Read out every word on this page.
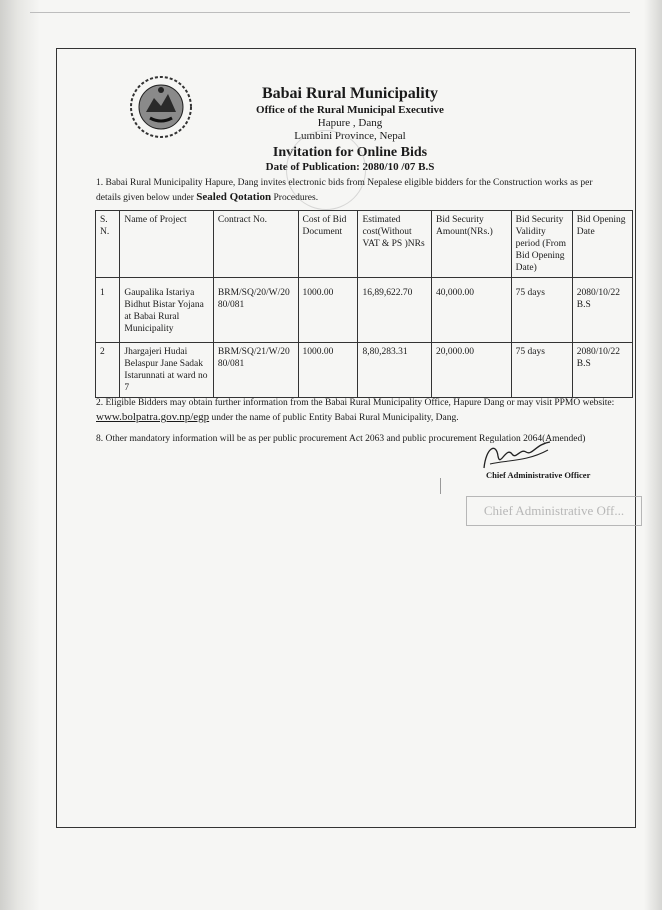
Babai Rural Municipality
Office of the Rural Municipal Executive
Hapure , Dang
Lumbini Province, Nepal
Invitation for Online Bids
Date of Publication: 2080/10 /07 B.S
1. Babai Rural Municipality Hapure, Dang invites electronic bids from Nepalese eligible bidders for the Construction works as per details given below under Sealed Qotation Procedures.
S. N.	Name of Project	Contract No.	Cost of Bid Document	Estimated cost(Without VAT & PS )NRs	Bid Security Amount(NRs.)	Bid Security Validity period (From Bid Opening Date)	Bid Opening Date
1	Gaupalika Istariya Bidhut Bistar Yojana at Babai Rural Municipality	BRM/SQ/20/W/20 80/081	1000.00	16,89,622.70	40,000.00	75 days	2080/10/22 B.S
2	Jhargajeri Hudai Belaspur Jane Sadak Istarunnati at ward no 7	BRM/SQ/21/W/20 80/081	1000.00	8,80,283.31	20,000.00	75 days	2080/10/22 B.S
2. Eligible Bidders may obtain further information from the Babai Rural Municipality Office, Hapure Dang or may visit PPMO website: www.bolpatra.gov.np/egp under the name of public Entity Babai Rural Municipality, Dang.
8. Other mandatory information will be as per public procurement Act 2063 and public procurement Regulation 2064(Amended)
Chief Administrative Officer
Chief Administrative Off...
